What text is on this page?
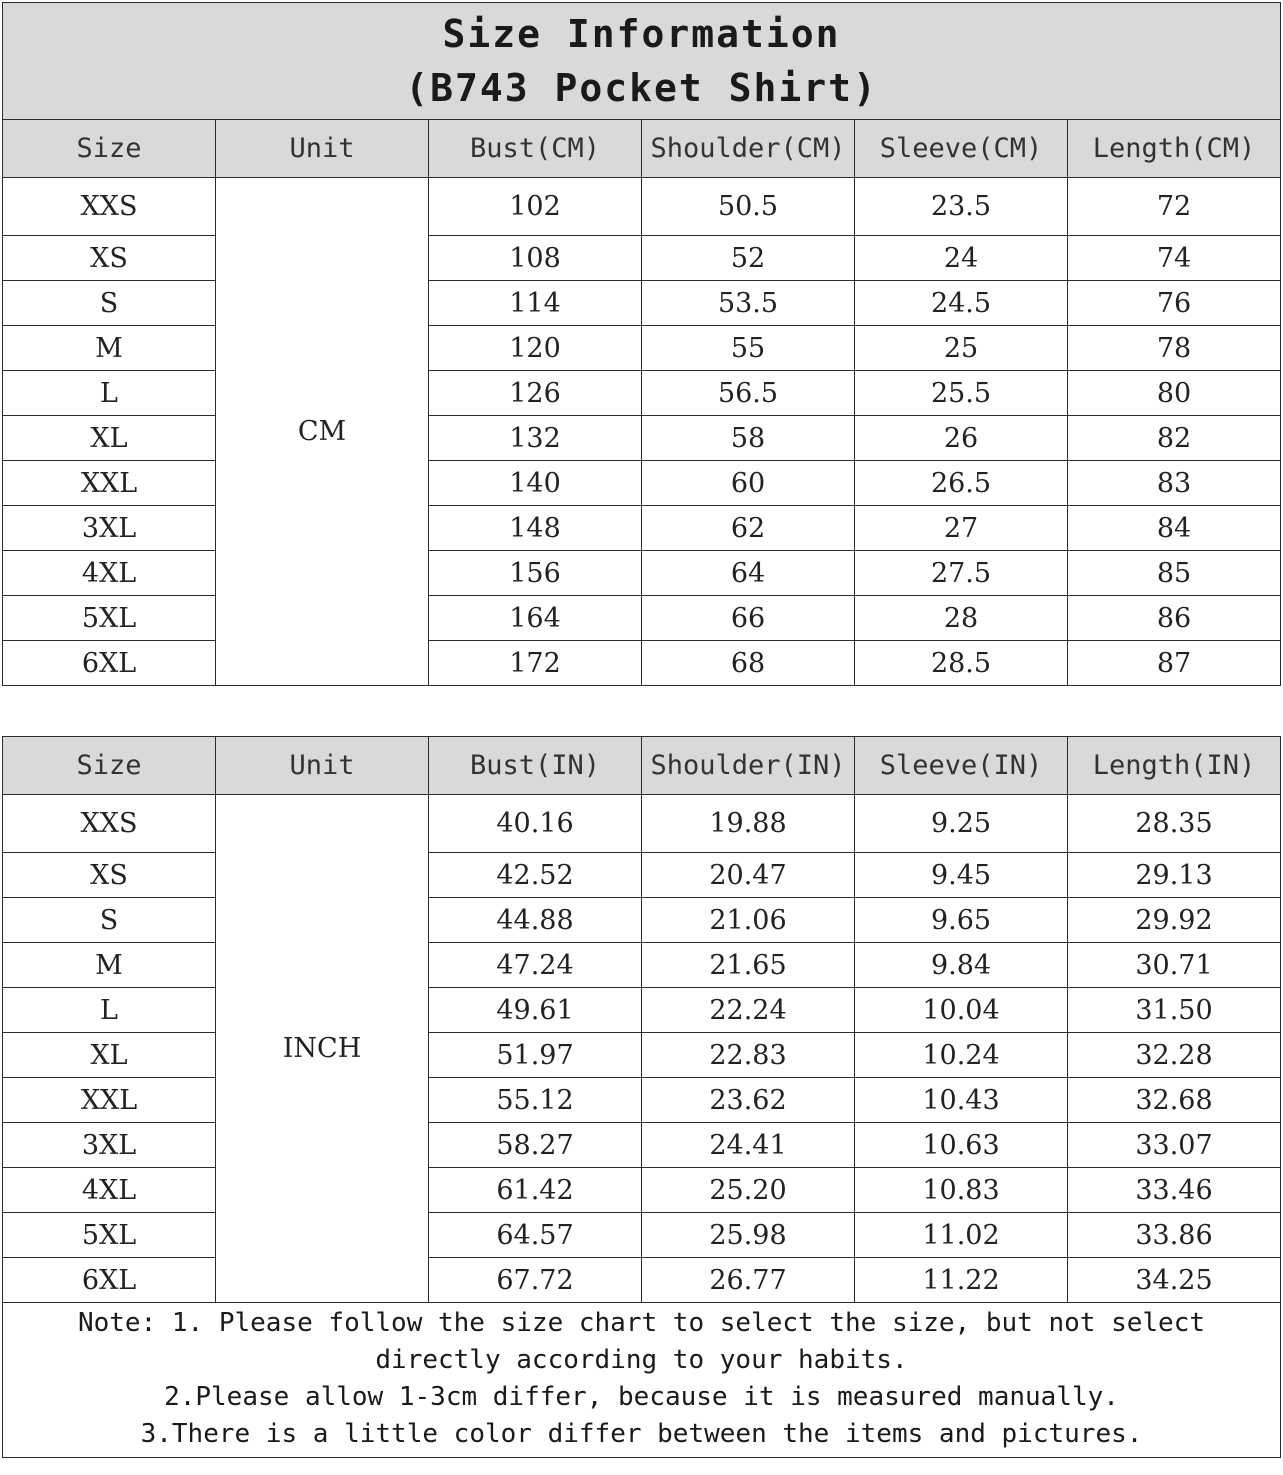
Size Information
(B743 Pocket Shirt)					

Size	Unit	Bust(CM)	Shoulder(CM)	Sleeve(CM)	Length(CM)
XXS	CM	102	50.5	23.5	72
XS		108	52	24	74
S		114	53.5	24.5	76
M		120	55	25	78
L		126	56.5	25.5	80
XL		132	58	26	82
XXL		140	60	26.5	83
3XL		148	62	27	84
4XL		156	64	27.5	85
5XL		164	66	28	86
6XL		172	68	28.5	87
Size	Unit	Bust(IN)	Shoulder(IN)	Sleeve(IN)	Length(IN)
XXS	INCH	40.16	19.88	9.25	28.35
XS		42.52	20.47	9.45	29.13
S		44.88	21.06	9.65	29.92
M		47.24	21.65	9.84	30.71
L		49.61	22.24	10.04	31.50
XL		51.97	22.83	10.24	32.28
XXL		55.12	23.62	10.43	32.68
3XL		58.27	24.41	10.63	33.07
4XL		61.42	25.20	10.83	33.46
5XL		64.57	25.98	11.02	33.86
6XL		67.72	26.77	11.22	34.25

Note: 1. Please follow the size chart to select the size, but not select
directly according to your habits.
2.Please allow 1-3cm differ, because it is measured manually.
3.There is a little color differ between the items and pictures.					
